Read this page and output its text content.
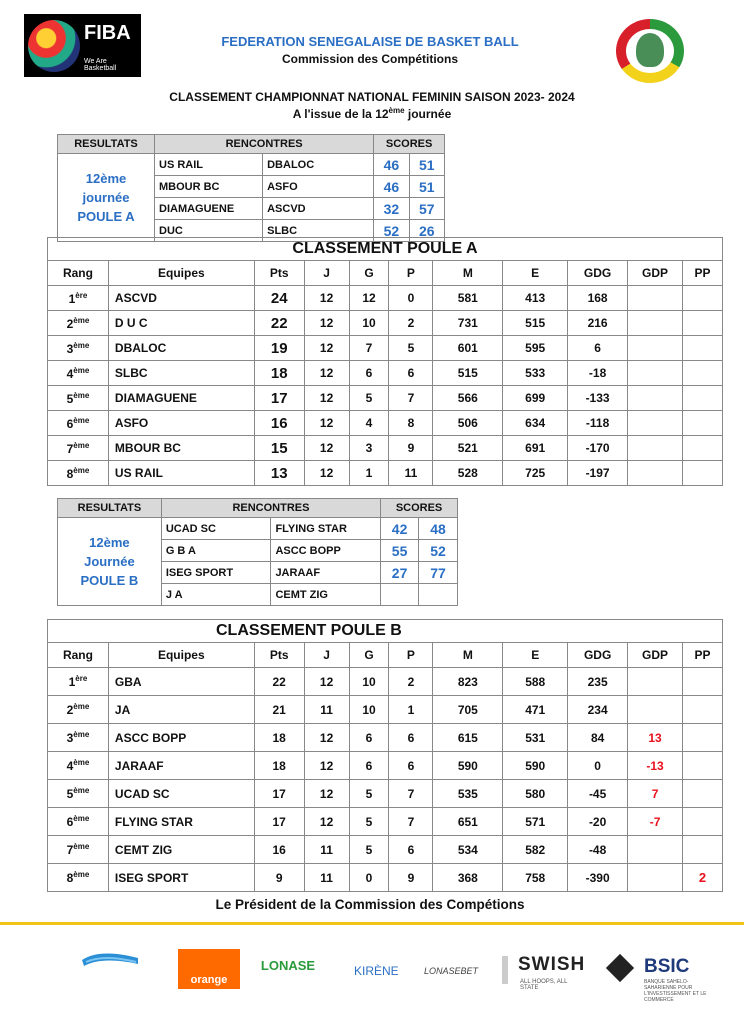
FIBA
We Are Basketball
FEDERATION SENEGALAISE DE BASKET BALL
Commission des Compétitions
CLASSEMENT CHAMPIONNAT NATIONAL FEMININ SAISON 2023- 2024
A l'issue de la 12ème journée
RESULTATS	RENCONTRES		SCORES	

12ème
journée
POULE A	US RAIL	DBALOC	46	51
	MBOUR BC	ASFO	46	51
	DIAMAGUENE	ASCVD	32	57
	DUC	SLBC	52	26
CLASSEMENT POULE A										
Rang	Equipes	Pts	J	G	P	M	E	GDG	GDP	PP
1ère	ASCVD	24	12	12	0	581	413	168		
2ème	D U C	22	12	10	2	731	515	216		
3ème	DBALOC	19	12	7	5	601	595	6		
4ème	SLBC	18	12	6	6	515	533	-18		
5ème	DIAMAGUENE	17	12	5	7	566	699	-133		
6ème	ASFO	16	12	4	8	506	634	-118		
7ème	MBOUR BC	15	12	3	9	521	691	-170		
8ème	US RAIL	13	12	1	11	528	725	-197		
RESULTATS	RENCONTRES		SCORES	

12ème
Journée
POULE B	UCAD SC	FLYING STAR	42	48
	G B A	ASCC BOPP	55	52
	ISEG SPORT	JARAAF	27	77
	J A	CEMT ZIG		
CLASSEMENT POULE B										
Rang	Equipes	Pts	J	G	P	M	E	GDG	GDP	PP
1ère	GBA	22	12	10	2	823	588	235		
2ème	JA	21	11	10	1	705	471	234		
3ème	ASCC BOPP	18	12	6	6	615	531	84	13	
4ème	JARAAF	18	12	6	6	590	590	0	-13	
5ème	UCAD SC	17	12	5	7	535	580	-45	7	
6ème	FLYING STAR	17	12	5	7	651	571	-20	-7	
7ème	CEMT ZIG	16	11	5	6	534	582	-48		
8ème	ISEG SPORT	9	11	0	9	368	758	-390		2
Le Président de la Commission des Compétions
orange
LONASE	KIRÈNE	LONASEBET SWISH
ALL HOOPS, ALL STATE
BSIC
BANQUE SAHELO-SAHARIENNE POUR L'INVESTISSEMENT ET LE COMMERCE
